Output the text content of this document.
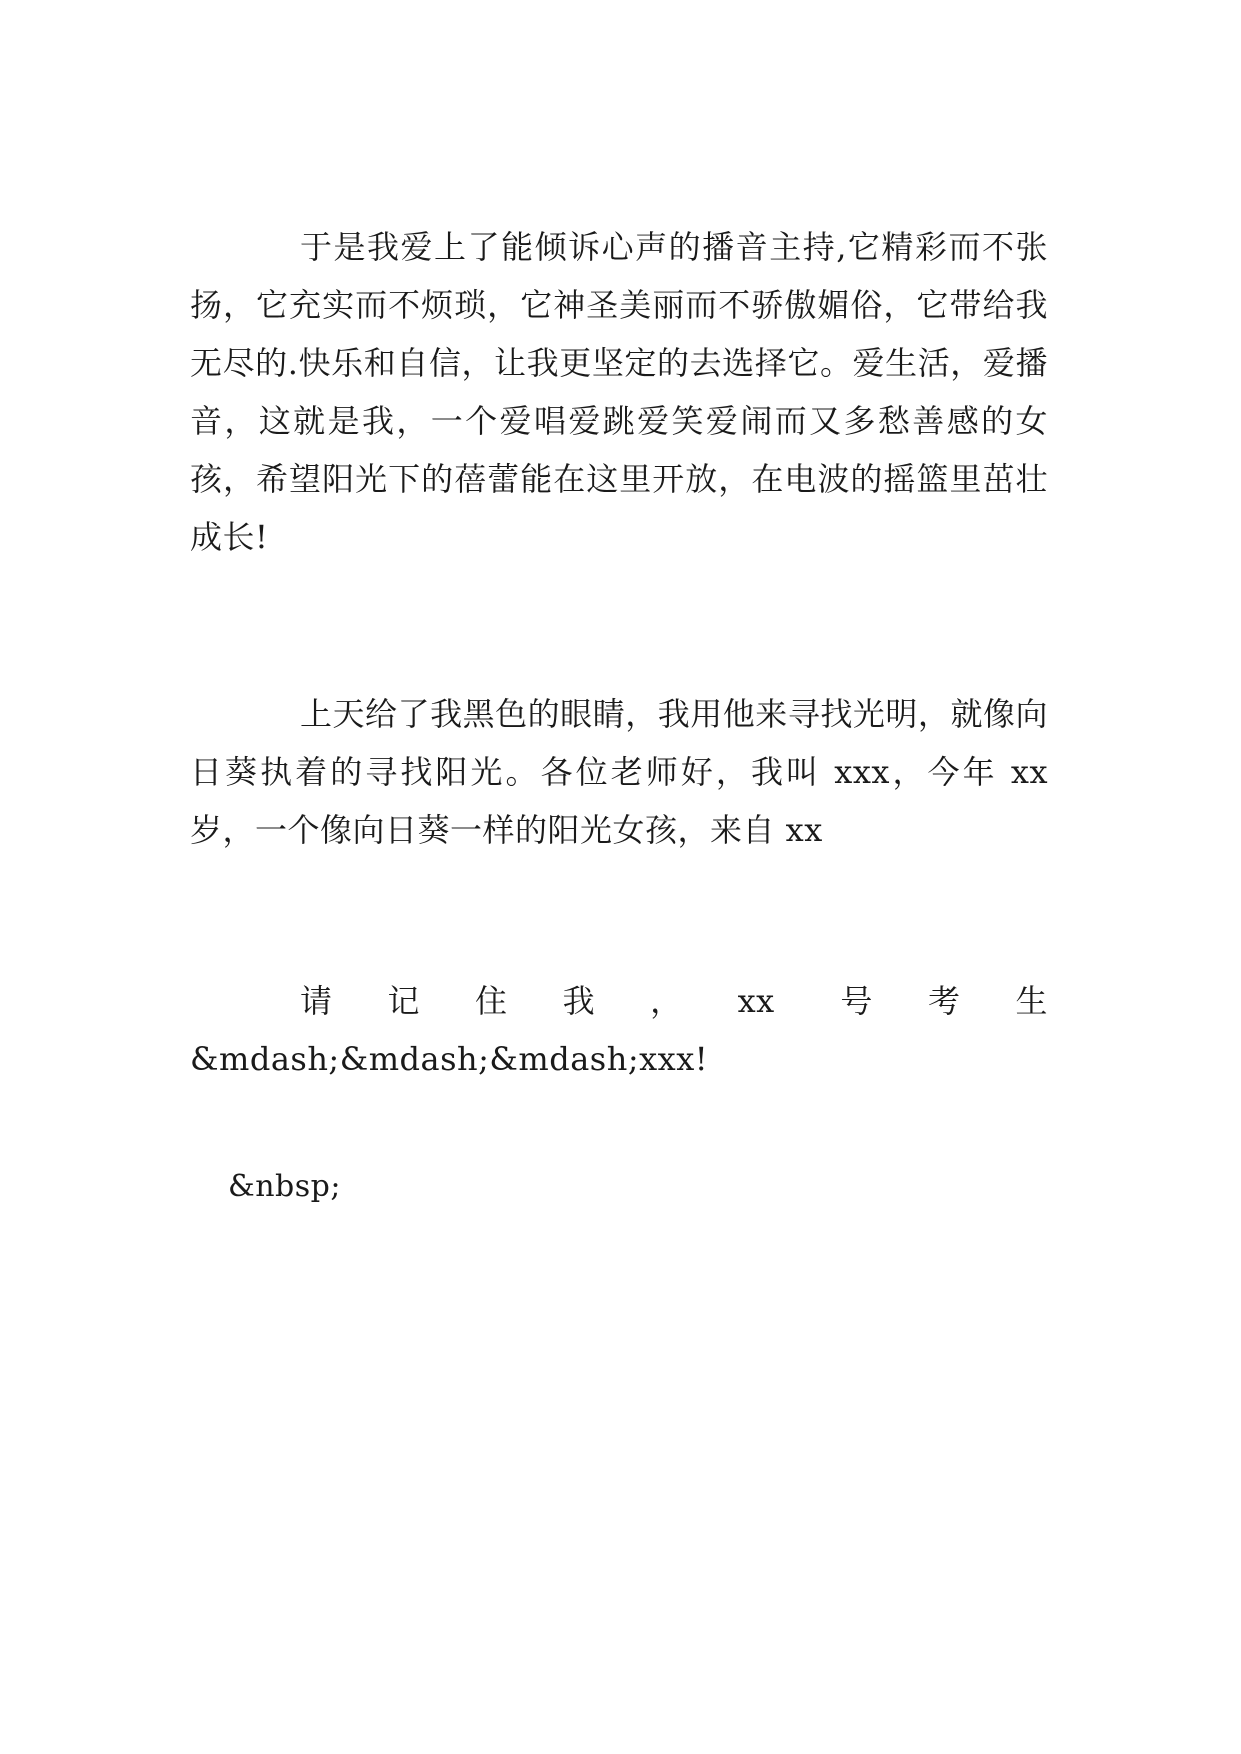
于是我爱上了能倾诉心声的播音主持,它精彩而不张扬，它充实而不烦琐，它神圣美丽而不骄傲媚俗，它带给我无尽的.快乐和自信，让我更坚定的去选择它。爱生活，爱播音，这就是我，一个爱唱爱跳爱笑爱闹而又多愁善感的女孩，希望阳光下的蓓蕾能在这里开放，在电波的摇篮里茁壮成长!

上天给了我黑色的眼睛，我用他来寻找光明，就像向日葵执着的寻找阳光。各位老师好，我叫 xxx，今年 xx 岁，一个像向日葵一样的阳光女孩，来自 xx

请记住我，xx 号考生&mdash;&mdash;&mdash;xxx!

&nbsp;
